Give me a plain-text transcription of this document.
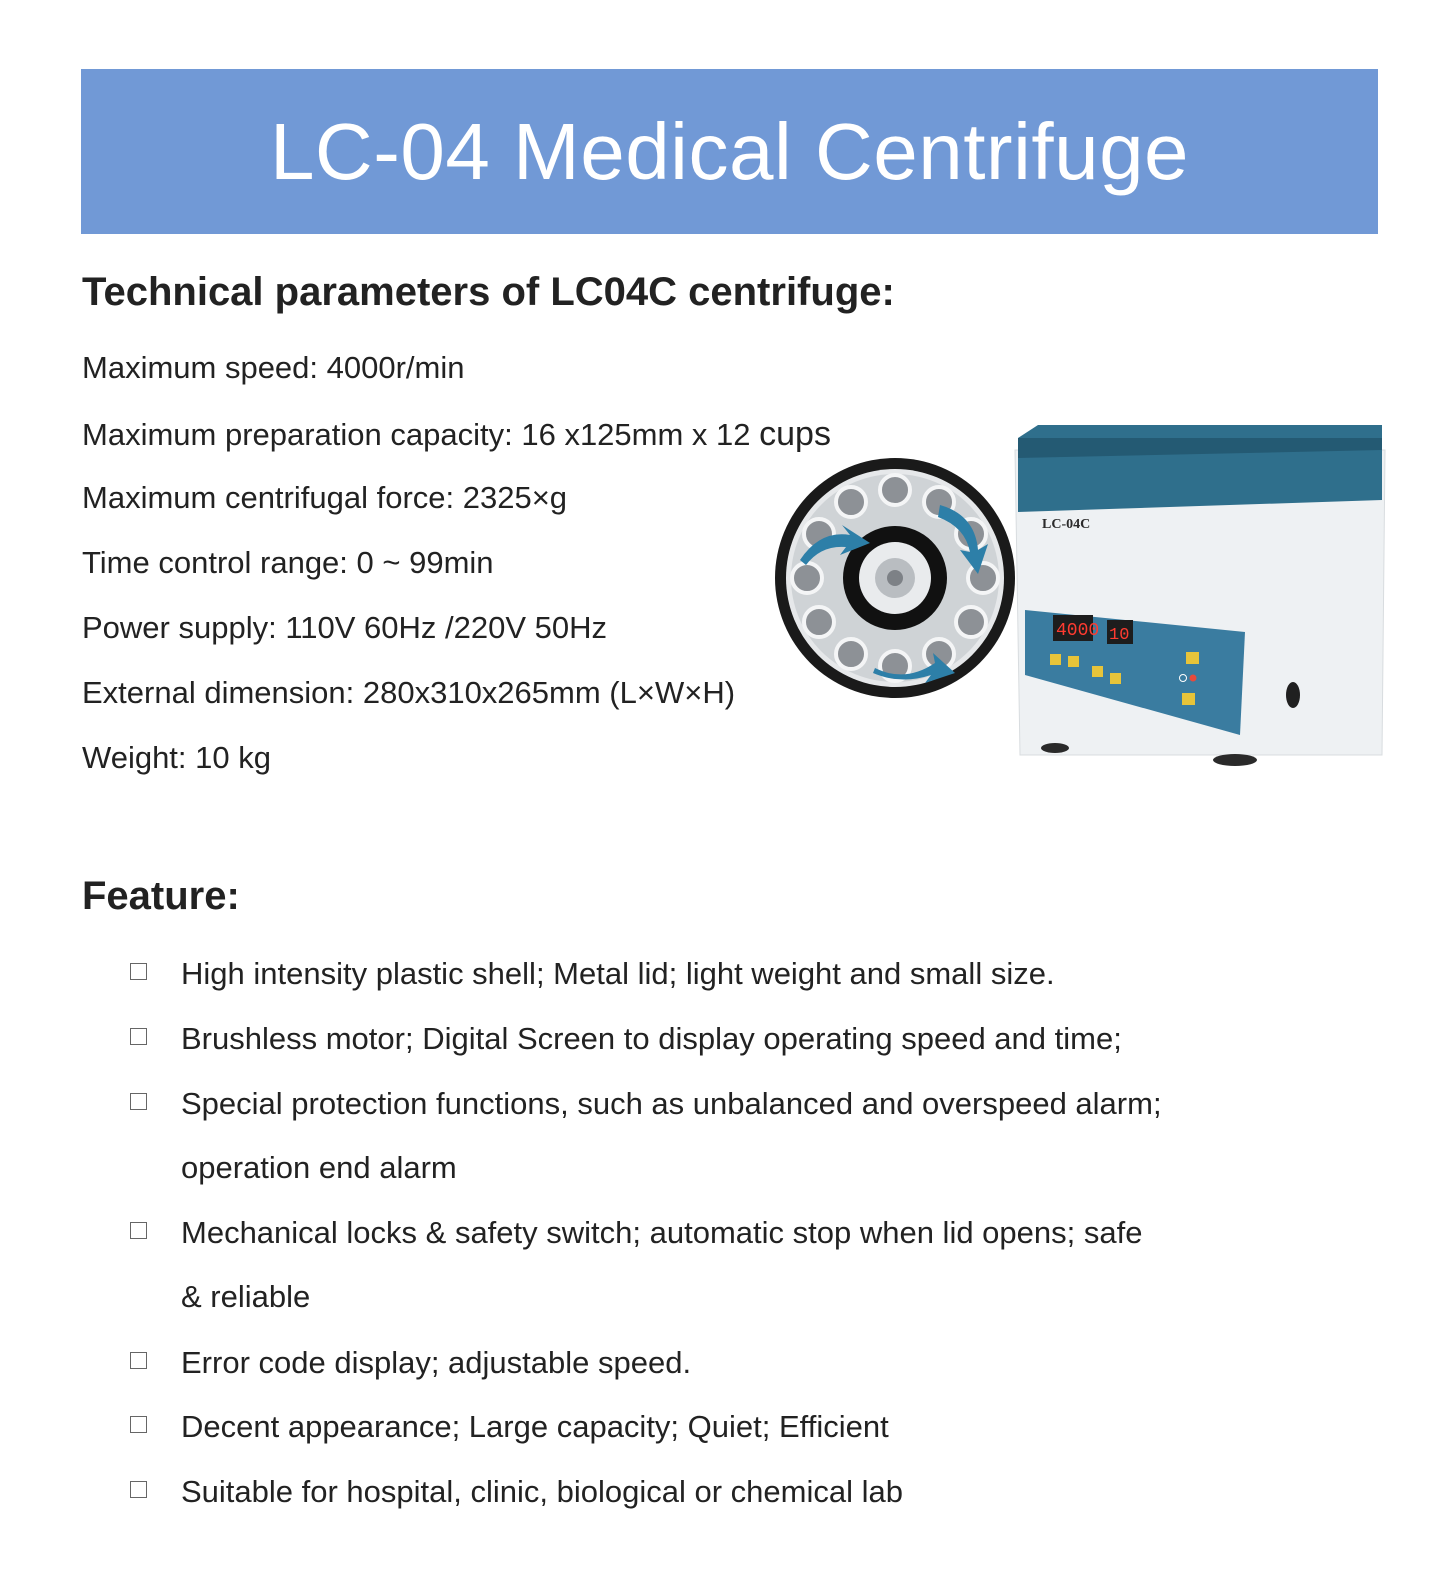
LC-04 Medical Centrifuge
Technical parameters of LC04C centrifuge:
Maximum speed: 4000r/min
Maximum preparation capacity: 16 x125mm x 12 cups
Maximum centrifugal force: 2325×g
Time control range: 0 ~ 99min
Power supply: 110V 60Hz /220V 50Hz
External dimension: 280x310x265mm (L×W×H)
Weight: 10 kg
LC-04C
4000 10
Feature:
High intensity plastic shell; Metal lid; light weight and small size.
Brushless motor; Digital Screen to display operating speed and time;
Special protection functions, such as unbalanced and overspeed alarm;
operation end alarm
Mechanical locks & safety switch; automatic stop when lid opens; safe
& reliable
Error code display; adjustable speed.
Decent appearance; Large capacity; Quiet; Efficient
Suitable for hospital, clinic, biological or chemical lab
